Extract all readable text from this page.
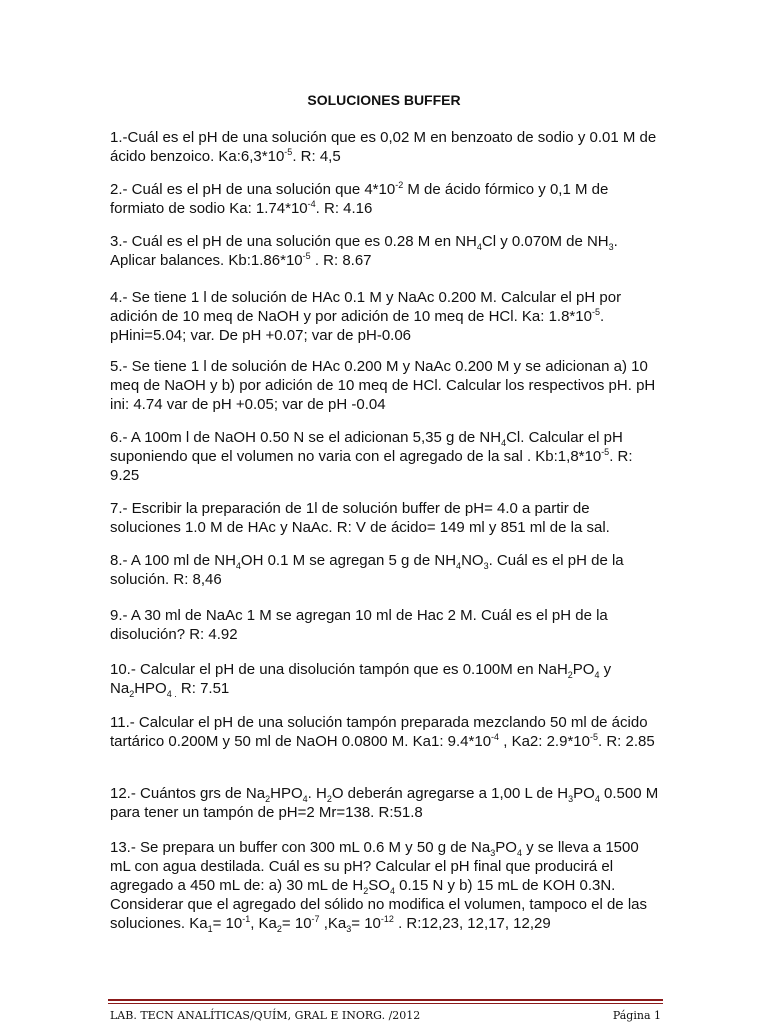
SOLUCIONES BUFFER

1.-Cuál es el pH de una solución que es 0,02 M en benzoato de sodio y 0.01 M de ácido benzoico. $Ka:6,3*10^{-5}$. R: 4,5

2.- Cuál es el pH de una solución que $4*10^{-2}$ M de ácido fórmico y 0,1 M de formiato de sodio Ka: $1.74*10^{-4}$. R: 4.16

3.- Cuál es el pH de una solución que es 0.28 M en $NH_4Cl$ y 0.070M de $NH_3$. Aplicar balances. $Kb:1.86*10^{-5}$ . R: 8.67

4.- Se tiene 1 l de solución de HAc 0.1 M y NaAc 0.200 M. Calcular el pH por adición de 10 meq de NaOH y por adición de 10 meq de HCl. Ka: $1.8*10^{-5}$. pHini=5.04; var. De pH +0.07; var de pH-0.06

5.- Se tiene 1 l de solución de HAc 0.200 M y NaAc 0.200 M y se adicionan a) 10 meq de NaOH y b) por adición de 10 meq de HCl. Calcular los respectivos pH. pH ini: 4.74 var de pH +0.05; var de pH -0.04

6.- A 100m l de NaOH 0.50 N se el adicionan 5,35 g de $NH_4Cl$. Calcular el pH suponiendo que el volumen no varia con el agregado de la sal . $Kb:1,8*10^{-5}$. R: 9.25

7.- Escribir la preparación de 1l de solución buffer de pH= 4.0 a partir de soluciones 1.0 M de HAc y NaAc. R: V de ácido= 149 ml y 851 ml de la sal.

8.- A 100 ml de $NH_4OH$ 0.1 M se agregan 5 g de $NH_4NO_3$. Cuál es el pH de la solución. R: 8,46

9.- A 30 ml de NaAc 1 M se agregan 10 ml de Hac 2 M. Cuál es el pH de la disolución? R: 4.92

10.- Calcular el pH de una disolución tampón que es 0.100M en $NaH_2PO_4$ y $Na_2HPO_{4 .}$ R: 7.51

11.- Calcular el pH de una solución tampón preparada mezclando 50 ml de ácido tartárico 0.200M y 50 ml de NaOH 0.0800 M. Ka1: $9.4*10^{-4}$ , Ka2: $2.9*10^{-5}$. R: 2.85

12.- Cuántos grs de $Na_2HPO_4$. $H_2O$ deberán agregarse a 1,00 L de $H_3PO_4$ 0.500 M para tener un tampón de pH=2 Mr=138. R:51.8

13.- Se prepara un buffer con 300 mL 0.6 M y 50 g de $Na_3PO_4$ y se lleva a 1500 mL con agua destilada. Cuál es su pH? Calcular el pH final que producirá el agregado a 450 mL de: a) 30 mL de $H_2SO_4$ 0.15 N y b) 15 mL de KOH 0.3N. Considerar que el agregado del sólido no modifica el volumen, tampoco el de las soluciones. $Ka_1= 10^{-1}$, $Ka_2= 10^{-7}$ $,Ka_3= 10^{-12}$ . R:12,23, 12,17, 12,29

LAB. TECN ANALÍTICAS/QUÍM, GRAL E INORG. /2012	Página 1
